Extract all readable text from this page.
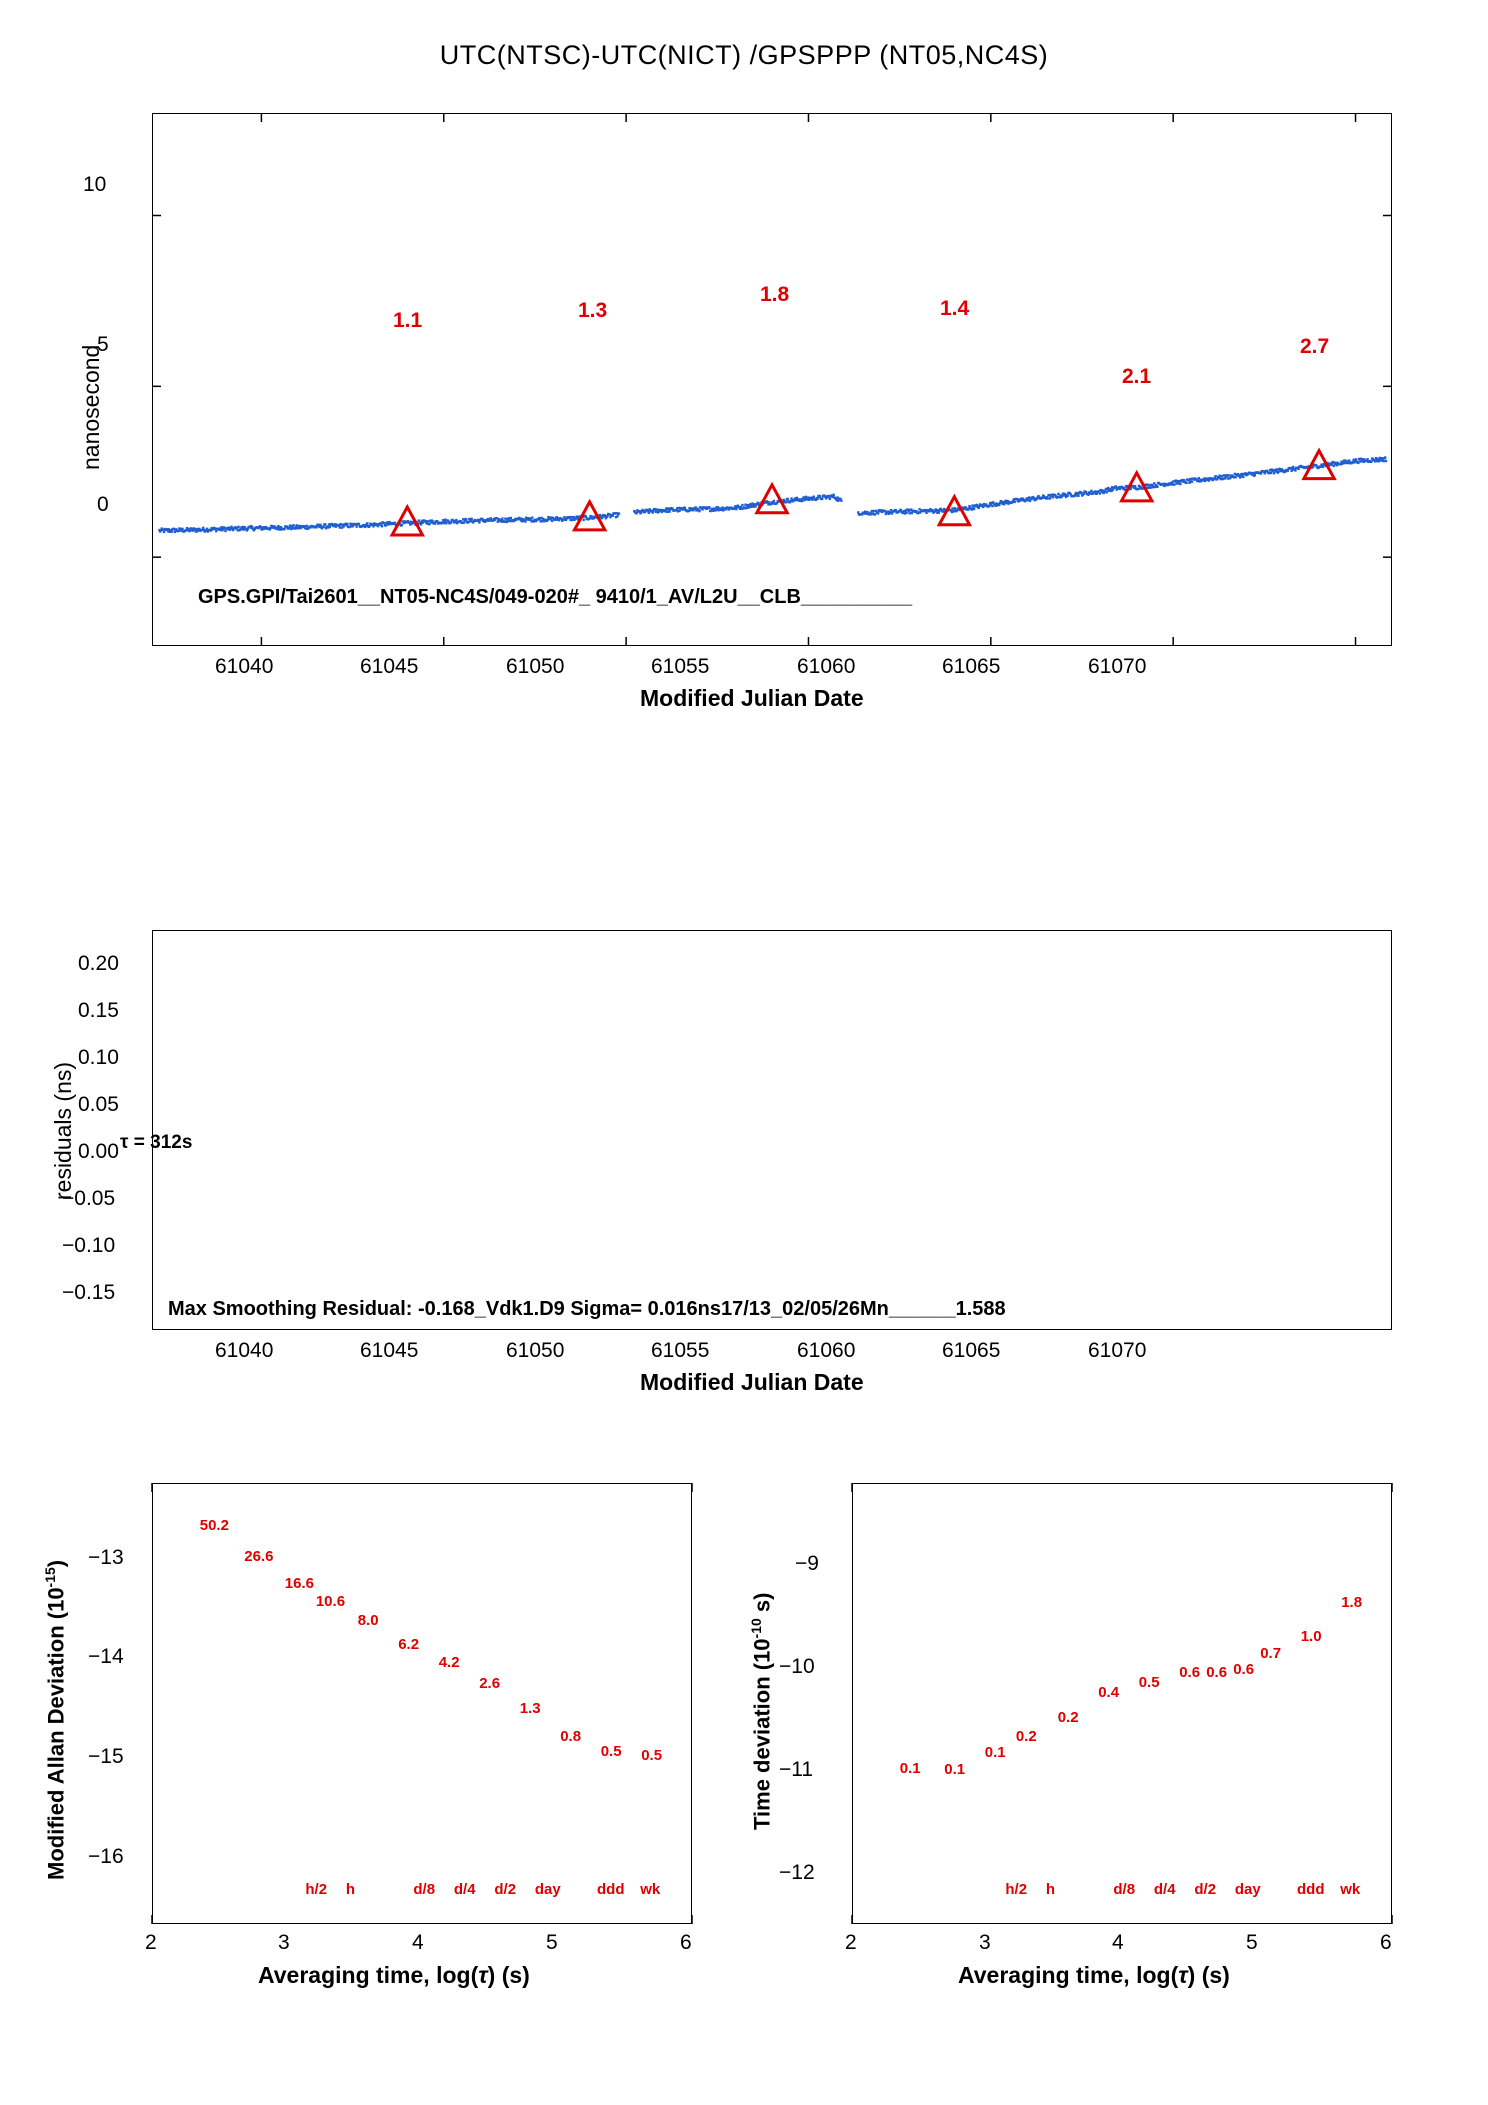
UTC(NTSC)-UTC(NICT) /GPSPPP (NT05,NC4S)
nanosecond
0
5
10
61040	61045	61050	61055	61060	61065	61070
Modified Julian Date
GPS.GPI/Tai2601__NT05-NC4S/049-020#_ 9410/1_AV/L2U__CLB__________
1.1	1.3
1.8
1.4
2.1
2.7
residuals (ns)
0.20
0.15
0.10
0.05
0.00
−0.05
−0.10
−0.15
61040	61045	61050	61055	61060	61065	61070
Modified Julian Date
Max Smoothing Residual: -0.168_Vdk1.D9 Sigma= 0.016ns17/13_02/05/26Mn______1.588
Modified Allan Deviation $(10^{-15})$
τ = 312s
−13
−14
−15
−16
2	3	4	5	6
Averaging time, log(τ) (s)
Time deviation ($10^{-10}$ s)
−9
−10
−11
−12
2	3	4	5	6
Averaging time, log(τ) (s)
50.2
26.6
16.6
10.6
8.0
6.2
4.2
2.6
1.3
0.8
0.5 0.5
h/2 h	d/8 d/4 d/2 day ddd wk
0.1 0.1
0.1
0.2
0.2
0.4
0.5
0.6 0.6 0.6
0.7
1.0
1.8
h/2 h	d/8 d/4 d/2 day ddd wk
